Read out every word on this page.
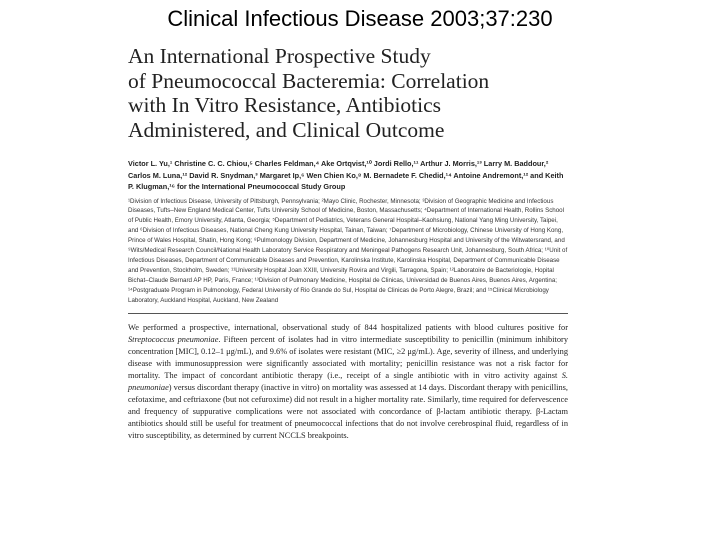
Clinical Infectious Disease 2003;37:230
An International Prospective Study
of Pneumococcal Bacteremia: Correlation
with In Vitro Resistance, Antibiotics
Administered, and Clinical Outcome
Victor L. Yu,¹ Christine C. C. Chiou,⁵ Charles Feldman,⁴ Ake Ortqvist,¹⁰ Jordi Rello,¹¹ Arthur J. Morris,¹³ Larry M. Baddour,² Carlos M. Luna,¹² David R. Snydman,³ Margaret Ip,⁶ Wen Chien Ko,⁸ M. Bernadete F. Chedid,¹⁴ Antoine Andremont,¹² and Keith P. Klugman,¹⁶ for the International Pneumococcal Study Group
¹Division of Infectious Disease, University of Pittsburgh, Pennsylvania; ²Mayo Clinic, Rochester, Minnesota; ³Division of Geographic Medicine and Infectious Diseases, Tufts–New England Medical Center, Tufts University School of Medicine, Boston, Massachusetts; ⁴Department of International Health, Rollins School of Public Health, Emory University, Atlanta, Georgia; ⁵Department of Pediatrics, Veterans General Hospital–Kaohsiung, National Yang Ming University, Taipei, and ⁶Division of Infectious Diseases, National Cheng Kung University Hospital, Tainan, Taiwan; ⁷Department of Microbiology, Chinese University of Hong Kong, Prince of Wales Hospital, Shatin, Hong Kong; ⁸Pulmonology Division, Department of Medicine, Johannesburg Hospital and University of the Witwatersrand, and ⁹Wits/Medical Research Council/National Health Laboratory Service Respiratory and Meningeal Pathogens Research Unit, Johannesburg, South Africa; ¹⁰Unit of Infectious Diseases, Department of Communicable Diseases and Prevention, Karolinska Institute, Karolinska Hospital, Department of Communicable Disease and Prevention, Stockholm, Sweden; ¹¹University Hospital Joan XXIII, University Rovira and Virgili, Tarragona, Spain; ¹²Laboratoire de Bacteriologie, Hopital Bichat–Claude Bernard AP HP, Paris, France; ¹³Division of Pulmonary Medicine, Hospital de Clinicas, Universidad de Buenos Aires, Buenos Aires, Argentina; ¹⁴Postgraduate Program in Pulmonology, Federal University of Rio Grande do Sul, Hospital de Clinicas de Porto Alegre, Brazil; and ¹⁵Clinical Microbiology Laboratory, Auckland Hospital, Auckland, New Zealand
We performed a prospective, international, observational study of 844 hospitalized patients with blood cultures positive for Streptococcus pneumoniae. Fifteen percent of isolates had in vitro intermediate susceptibility to penicillin (minimum inhibitory concentration [MIC], 0.12–1 μg/mL), and 9.6% of isolates were resistant (MIC, ≥2 μg/mL). Age, severity of illness, and underlying disease with immunosuppression were significantly associated with mortality; penicillin resistance was not a risk factor for mortality. The impact of concordant antibiotic therapy (i.e., receipt of a single antibiotic with in vitro activity against S. pneumoniae) versus discordant therapy (inactive in vitro) on mortality was assessed at 14 days. Discordant therapy with penicillins, cefotaxime, and ceftriaxone (but not cefuroxime) did not result in a higher mortality rate. Similarly, time required for defervescence and frequency of suppurative complications were not associated with concordance of β-lactam antibiotic therapy. β-Lactam antibiotics should still be useful for treatment of pneumococcal infections that do not involve cerebrospinal fluid, regardless of in vitro susceptibility, as determined by current NCCLS breakpoints.
